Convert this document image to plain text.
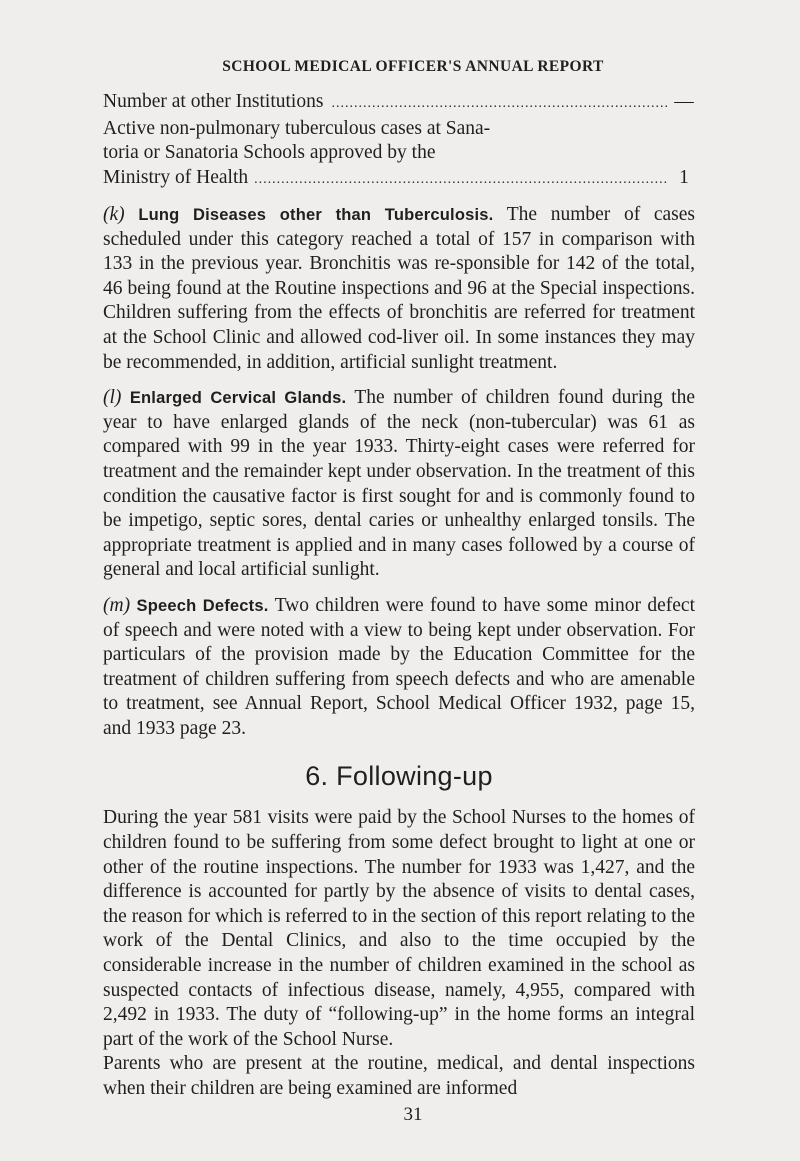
SCHOOL MEDICAL OFFICER'S ANNUAL REPORT
Number at other Institutions .....	—
Active non-pulmonary tuberculous cases at Sana-
toria or Sanatoria Schools approved by the
Ministry of Health .....	1

(k) Lung Diseases other than Tuberculosis. The number of cases scheduled under this category reached a total of 157 in comparison with 133 in the previous year. Bronchitis was re-sponsible for 142 of the total, 46 being found at the Routine inspections and 96 at the Special inspections. Children suffering from the effects of bronchitis are referred for treatment at the School Clinic and allowed cod-liver oil. In some instances they may be recommended, in addition, artificial sunlight treatment.

(l) Enlarged Cervical Glands. The number of children found during the year to have enlarged glands of the neck (non-tubercular) was 61 as compared with 99 in the year 1933. Thirty-eight cases were referred for treatment and the remainder kept under observation. In the treatment of this condition the causative factor is first sought for and is commonly found to be impetigo, septic sores, dental caries or unhealthy enlarged tonsils. The appropriate treatment is applied and in many cases followed by a course of general and local artificial sunlight.

(m) Speech Defects. Two children were found to have some minor defect of speech and were noted with a view to being kept under observation. For particulars of the provision made by the Education Committee for the treatment of children suffering from speech defects and who are amenable to treatment, see Annual Report, School Medical Officer 1932, page 15, and 1933 page 23.

6. Following-up

During the year 581 visits were paid by the School Nurses to the homes of children found to be suffering from some defect brought to light at one or other of the routine inspections. The number for 1933 was 1,427, and the difference is accounted for partly by the absence of visits to dental cases, the reason for which is referred to in the section of this report relating to the work of the Dental Clinics, and also to the time occupied by the considerable increase in the number of children examined in the school as suspected contacts of infectious disease, namely, 4,955, compared with 2,492 in 1933. The duty of “following-up” in the home forms an integral part of the work of the School Nurse.

Parents who are present at the routine, medical, and dental inspections when their children are being examined are informed

31
